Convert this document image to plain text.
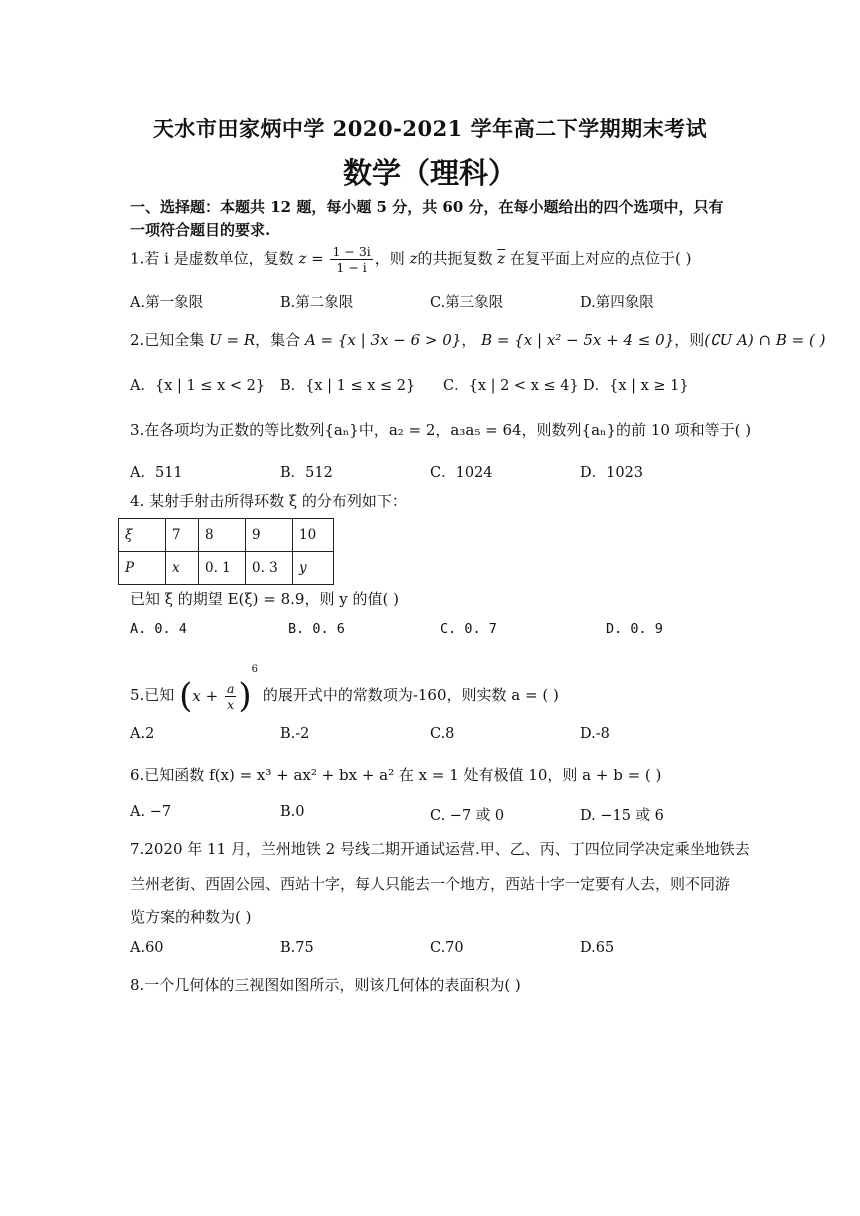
天水市田家炳中学 2020-2021 学年高二下学期期末考试
数学（理科）
一、选择题：本题共 12 题，每小题 5 分，共 60 分，在每小题给出的四个选项中，只有一项符合题目的要求.
1.若 i 是虚数单位，复数 $z = \frac{1 - 3i}{1 - i}$ ，则 z的共扼复数 $\overline{z}$ 在复平面上对应的点位于( )
A.第一象限	B.第二象限	C.第三象限	D.第四象限
2.已知全集 U = R，集合 A = {x | 3x − 6 > 0}， B = {x | x² − 5x + 4 ≤ 0}，则(∁U A) ∩ B = ( )
A．{x | 1 ≤ x < 2} B．{x | 1 ≤ x ≤ 2} C．{x | 2 < x ≤ 4} D．{x | x ≥ 1}
3.在各项均为正数的等比数列{aₙ}中，a₂ = 2，a₃a₅ = 64，则数列{aₙ}的前 10 项和等于( )
A．511	B．512	C．1024	D．1023
4. 某射手射击所得环数 ξ 的分布列如下：
ξ	7	8	9	10
P	x	0. 1	0. 3	y
已知 ξ 的期望 E(ξ) = 8.9，则 y 的值( )
A. 0. 4	B. 0. 6	C. 0. 7	D. 0. 9
5.已知 $(x + \frac{a}{x} )^6$ 的展开式中的常数项为-160，则实数 a = ( )
A.2	B.-2	C.8	D.-8
6.已知函数 f(x) = x³ + ax² + bx + a² 在 x = 1 处有极值 10，则 a + b = ( )
A. −7	B.0	C. −7 或 0	D. −15 或 6
7.2020 年 11 月，兰州地铁 2 号线二期开通试运营.甲、乙、丙、丁四位同学决定乘坐地铁去
兰州老街、西固公园、西站十字，每人只能去一个地方，西站十字一定要有人去，则不同游
览方案的种数为( )
A.60	B.75	C.70	D.65
8.一个几何体的三视图如图所示，则该几何体的表面积为( )
